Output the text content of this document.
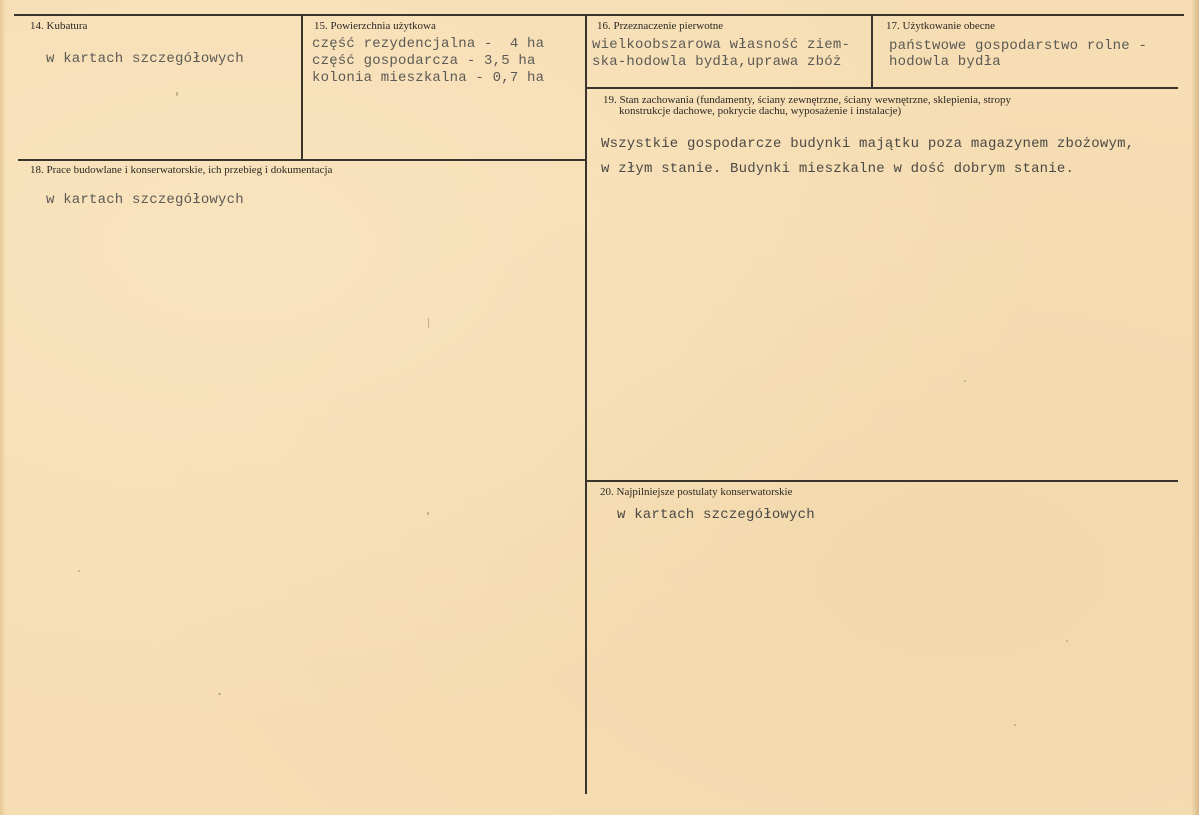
14. Kubatura
w kartach szczegółowych
15. Powierzchnia użytkowa
część rezydencjalna -  4 ha
część gospodarcza - 3,5 ha
kolonia mieszkalna - 0,7 ha
16. Przeznaczenie pierwotne
wielkoobszarowa własność ziem-
ska-hodowla bydła,uprawa zbóż
17. Użytkowanie obecne
państwowe gospodarstwo rolne -
hodowla bydła
18. Prace budowlane i konserwatorskie, ich przebieg i dokumentacja
w kartach szczegółowych
19. Stan zachowania (fundamenty, ściany zewnętrzne, ściany wewnętrzne, sklepienia, stropy
konstrukcje dachowe, pokrycie dachu, wyposażenie i instalacje)
Wszystkie gospodarcze budynki majątku poza magazynem zbożowym,
w złym stanie. Budynki mieszkalne w dość dobrym stanie.
20. Najpilniejsze postulaty konserwatorskie
w kartach szczegółowych
